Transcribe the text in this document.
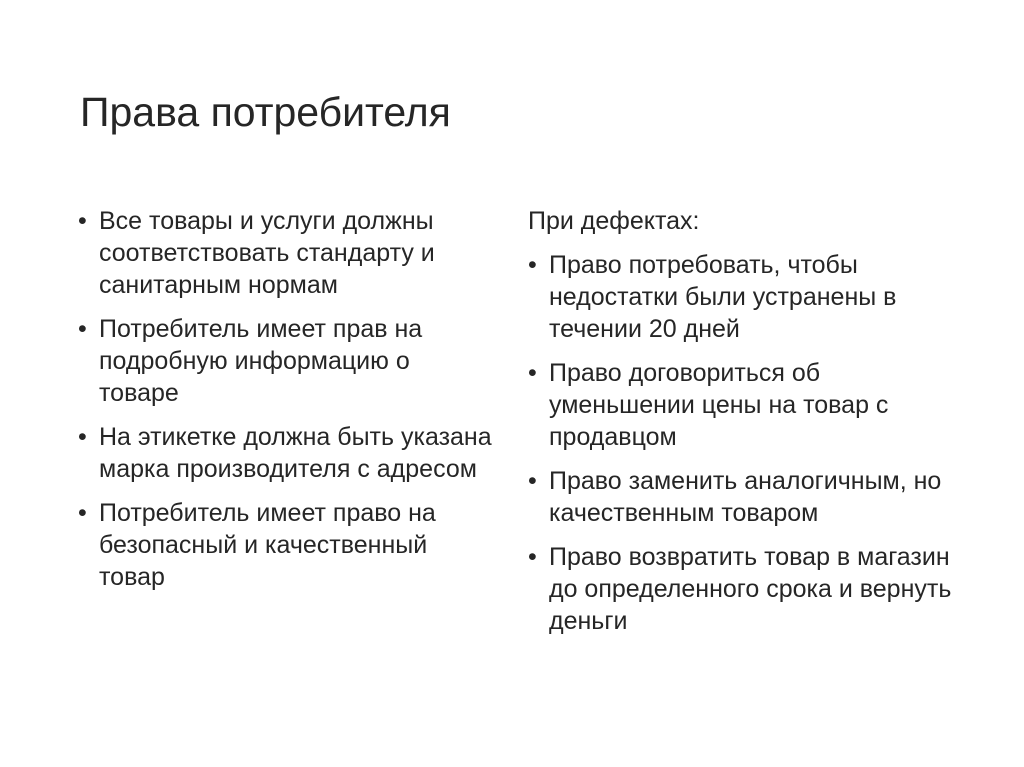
Права потребителя
• Все товары и услуги должны соответствовать стандарту и санитарным нормам
• Потребитель имеет прав на подробную информацию о товаре
• На этикетке должна быть указана марка производителя с адресом
• Потребитель имеет право на безопасный и качественный товар
При дефектах:
• Право потребовать, чтобы недостатки были устранены в течении 20 дней
• Право договориться об уменьшении цены на товар с продавцом
• Право заменить аналогичным, но качественным товаром
• Право возвратить товар в магазин до определенного срока и вернуть деньги
